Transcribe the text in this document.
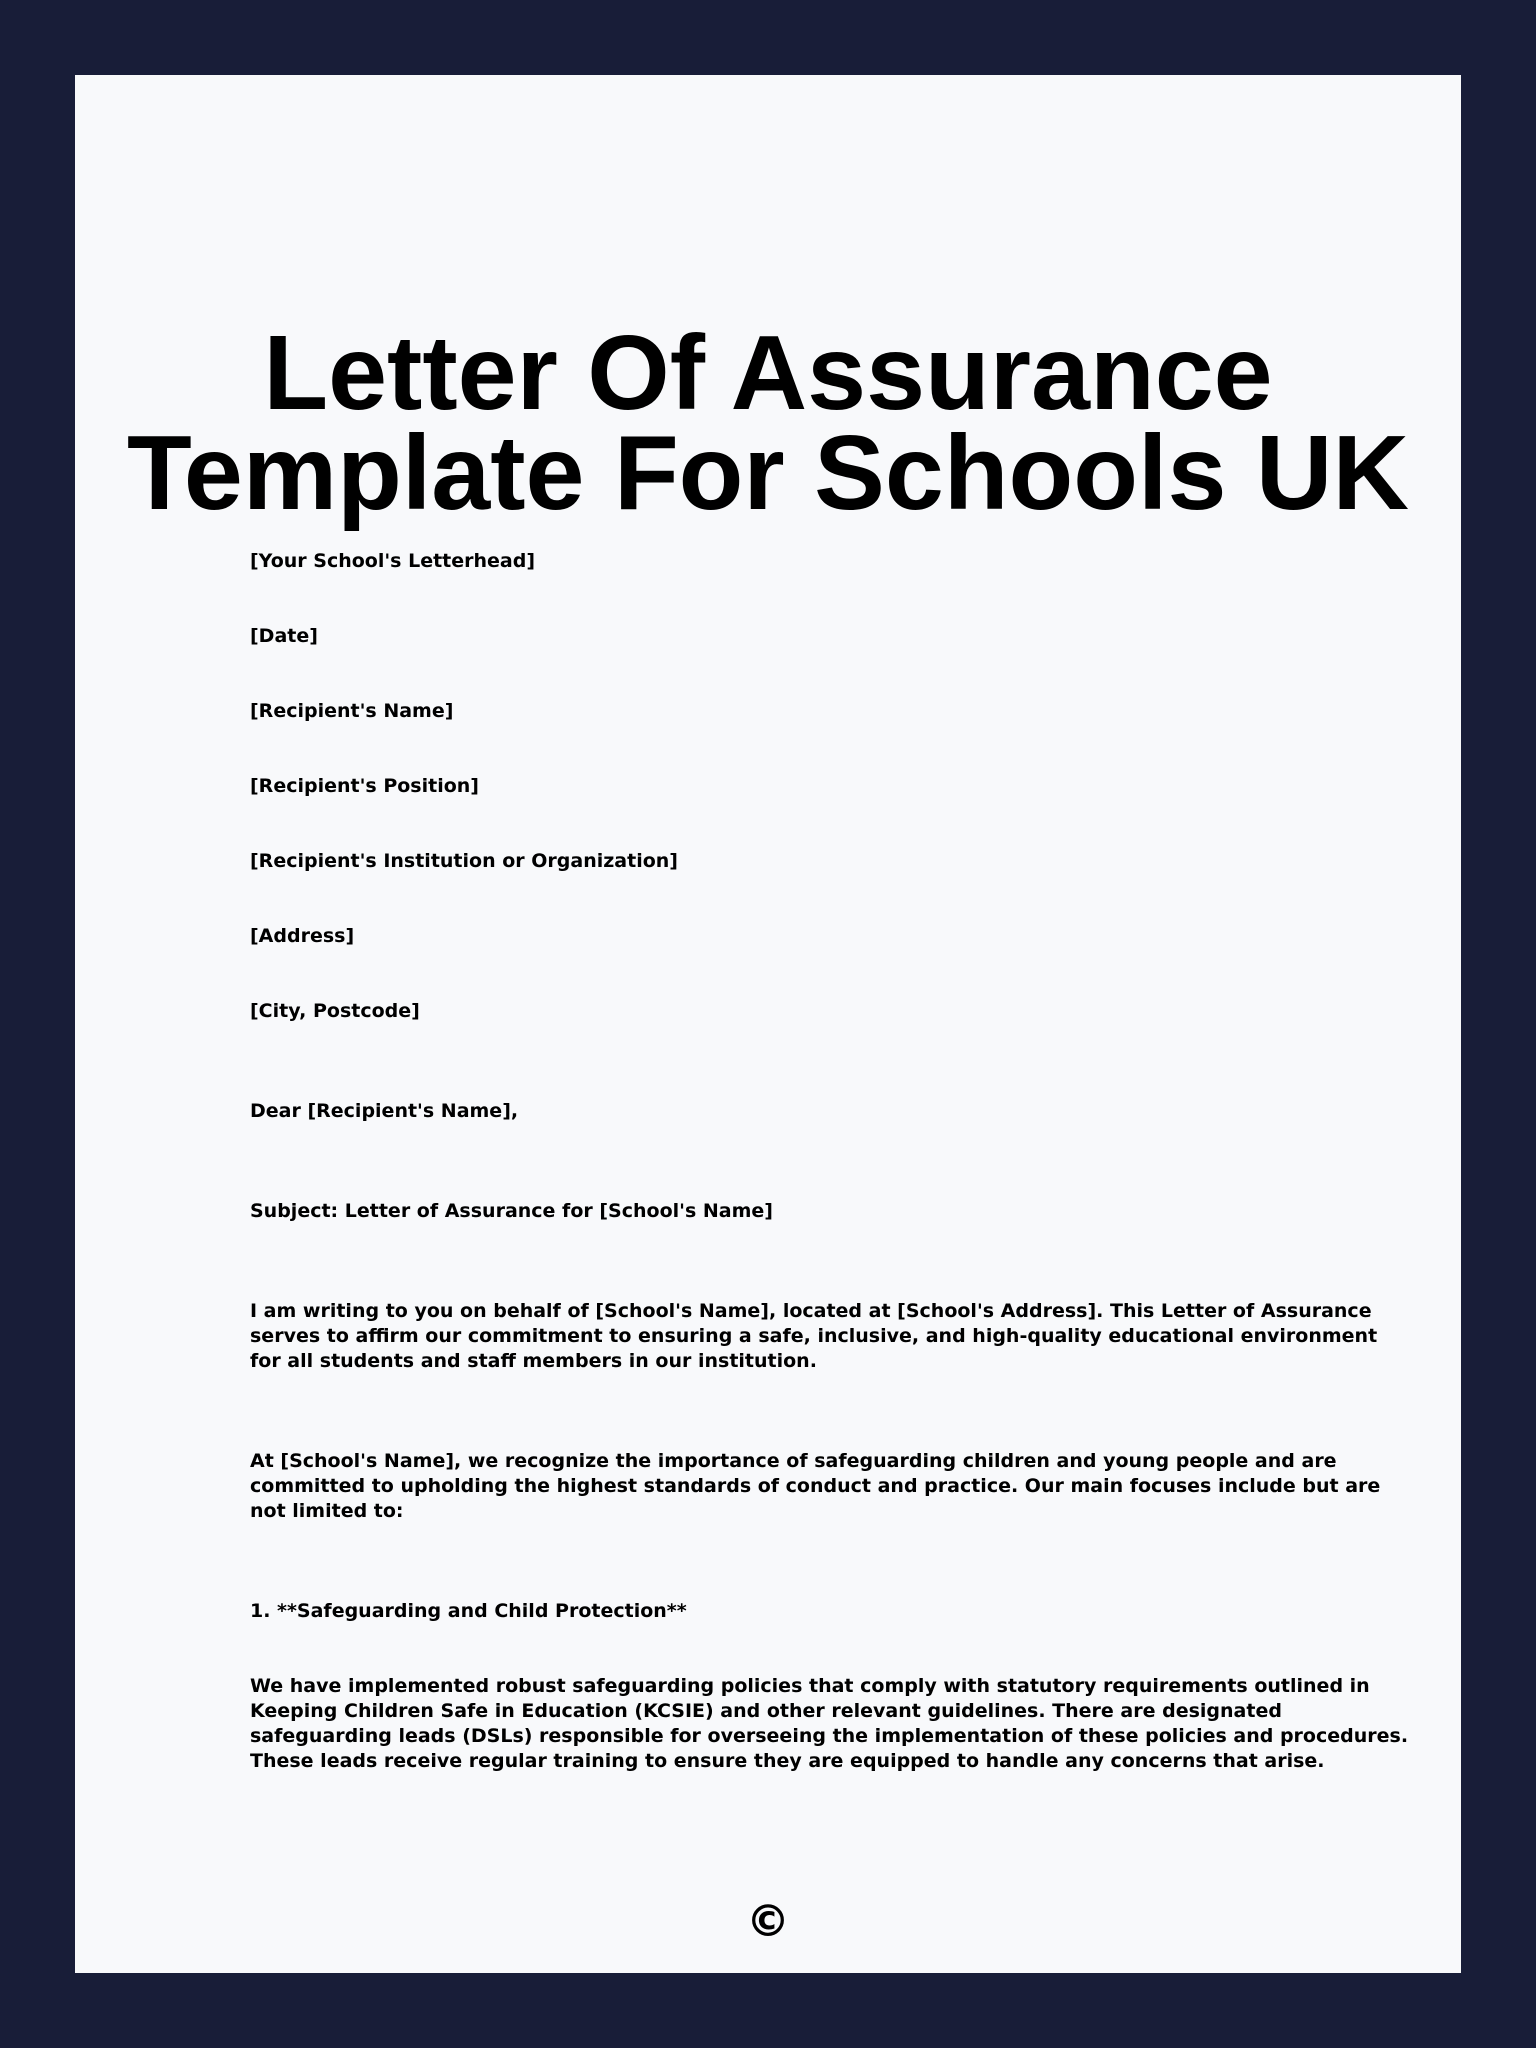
Letter Of Assurance
Template For Schools UK

[Your School's Letterhead]

[Date]

[Recipient's Name]

[Recipient's Position]

[Recipient's Institution or Organization]

[Address]

[City, Postcode]

Dear [Recipient's Name],

Subject: Letter of Assurance for [School's Name]

I am writing to you on behalf of [School's Name], located at [School's Address]. This Letter of Assurance
serves to affirm our commitment to ensuring a safe, inclusive, and high-quality educational environment
for all students and staff members in our institution.
At [School's Name], we recognize the importance of safeguarding children and young people and are
committed to upholding the highest standards of conduct and practice. Our main focuses include but are
not limited to:

1. **Safeguarding and Child Protection**

We have implemented robust safeguarding policies that comply with statutory requirements outlined in
Keeping Children Safe in Education (KCSIE) and other relevant guidelines. There are designated
safeguarding leads (DSLs) responsible for overseeing the implementation of these policies and procedures.
These leads receive regular training to ensure they are equipped to handle any concerns that arise.
©
